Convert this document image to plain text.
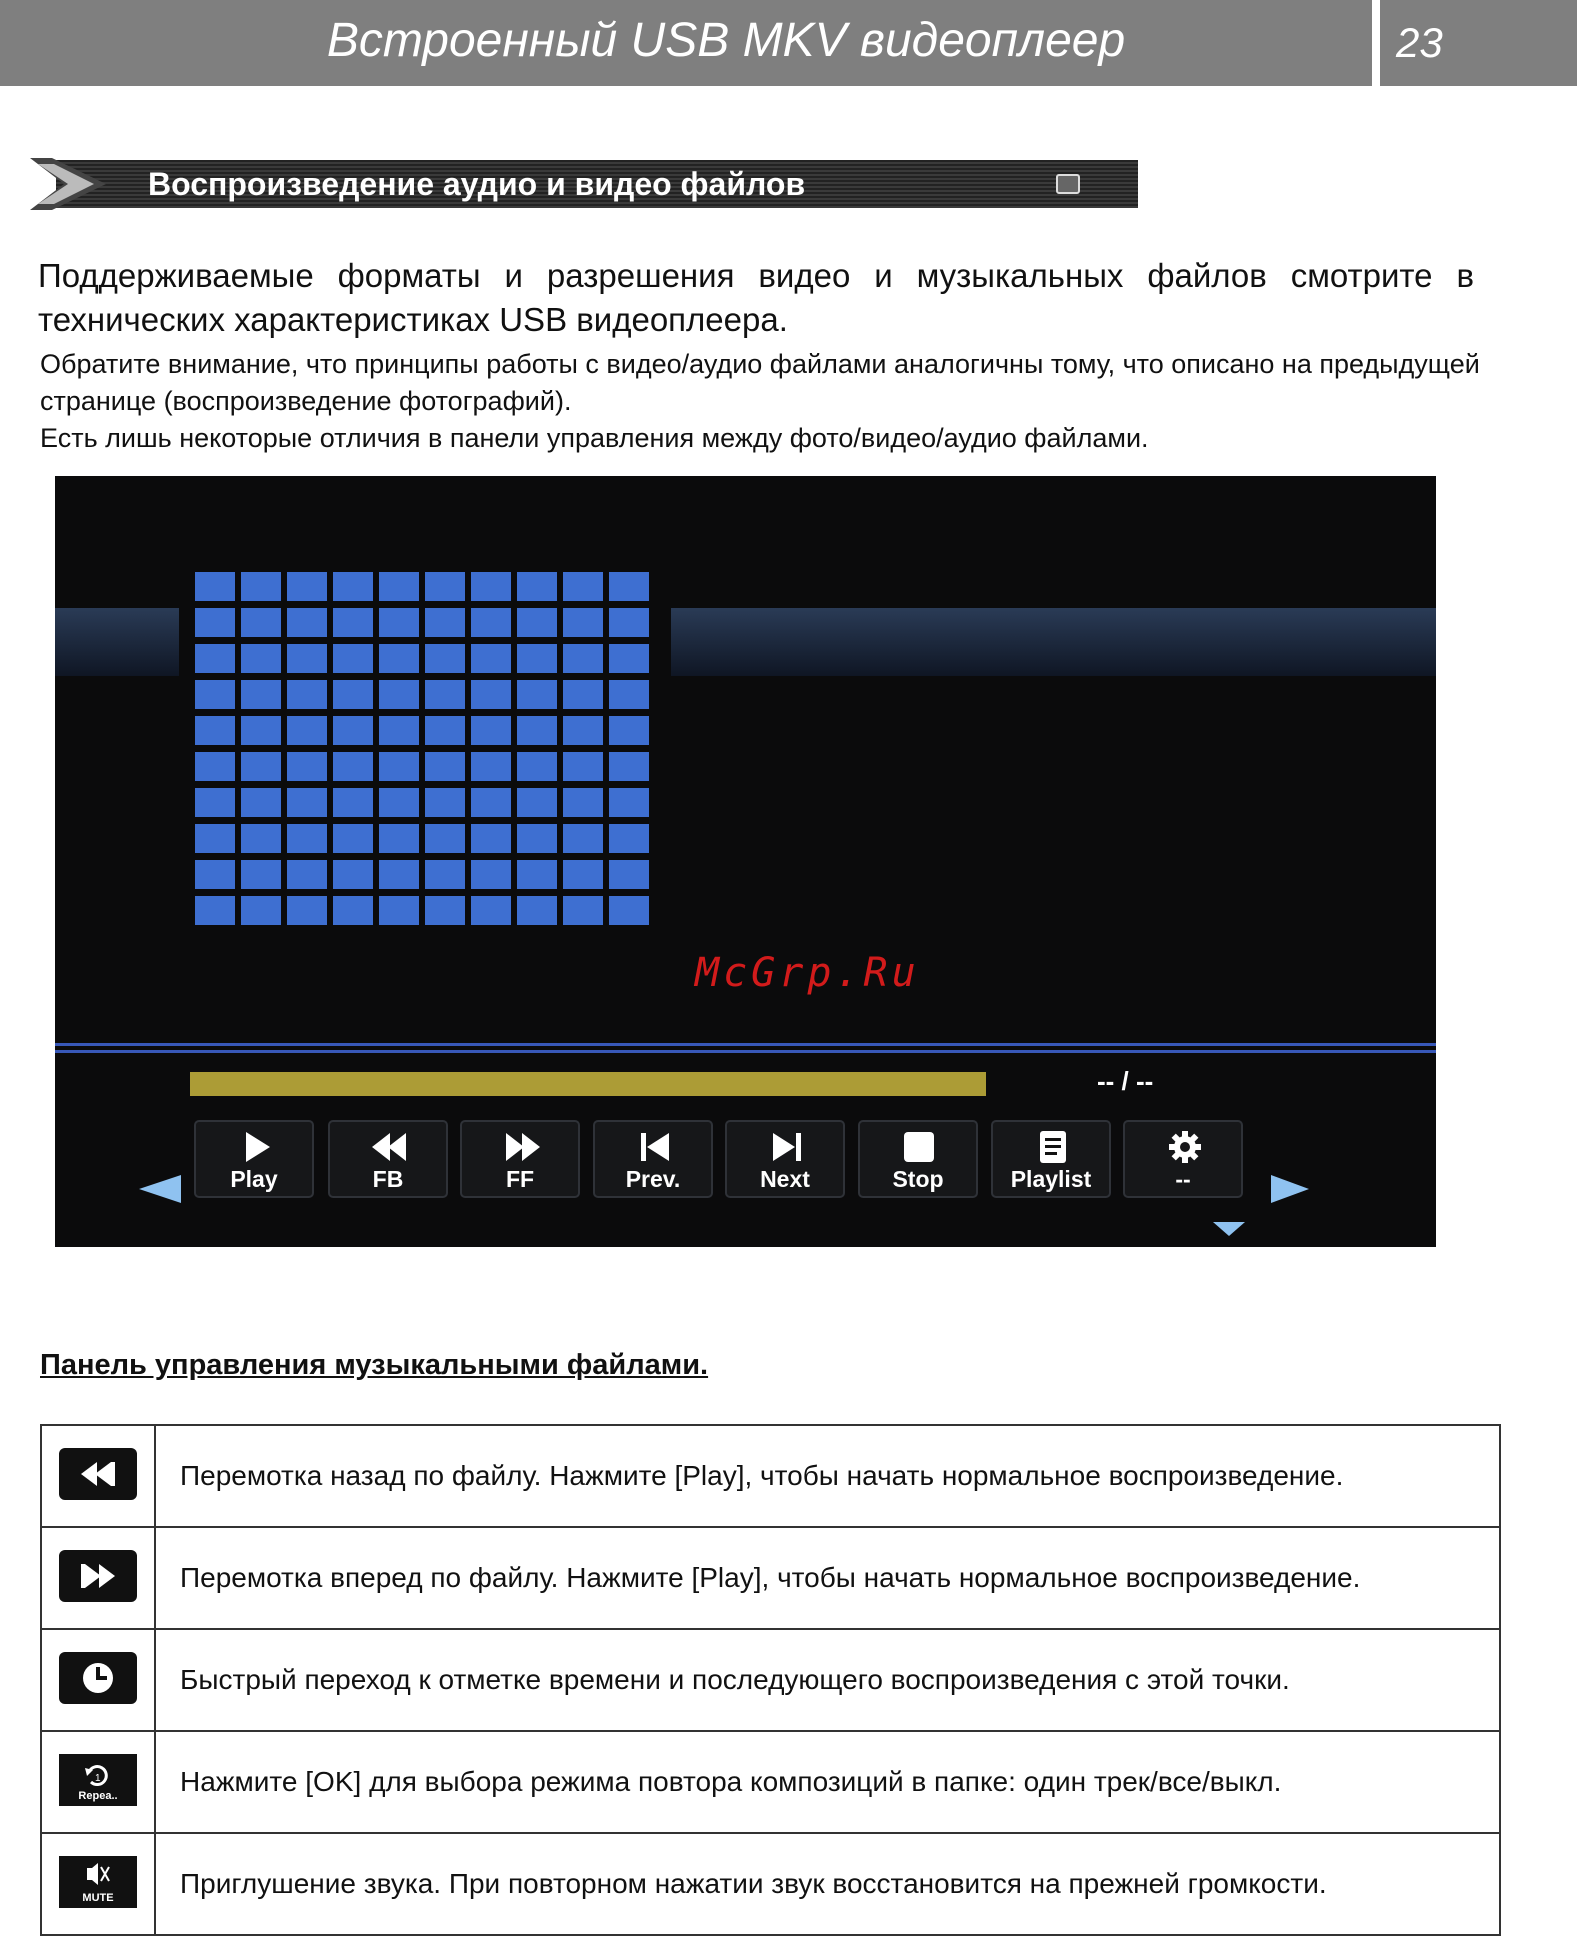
Встроенный USB MKV видеоплеер	23
Воспроизведение аудио и видео файлов
Поддерживаемые форматы и разрешения видео и музыкальных файлов смотрите в
технических характеристиках USB видеоплеера.
Обратите внимание, что принципы работы с видео/аудио файлами аналогичны тому, что описано на предыдущей странице (воспроизведение фотографий).
Есть лишь некоторые отличия в панели управления между фото/видео/аудио файлами.
McGrp.Ru
-- / --
Play	FB	FF	Prev.	Next	Stop	Playlist	--
Панель управления музыкальными файлами.
	Перемотка назад по файлу. Нажмите [Play], чтобы начать нормальное воспроизведение.

	Перемотка вперед по файлу. Нажмите [Play], чтобы начать нормальное воспроизведение.

	Быстрый переход к отметке времени и последующего воспроизведения с этой точки.

1
Repea..	Нажмите [OK] для выбора режима повтора композиций в папке: один трек/все/выкл.

MUTE	Приглушение звука. При повторном нажатии звук восстановится на прежней громкости.
